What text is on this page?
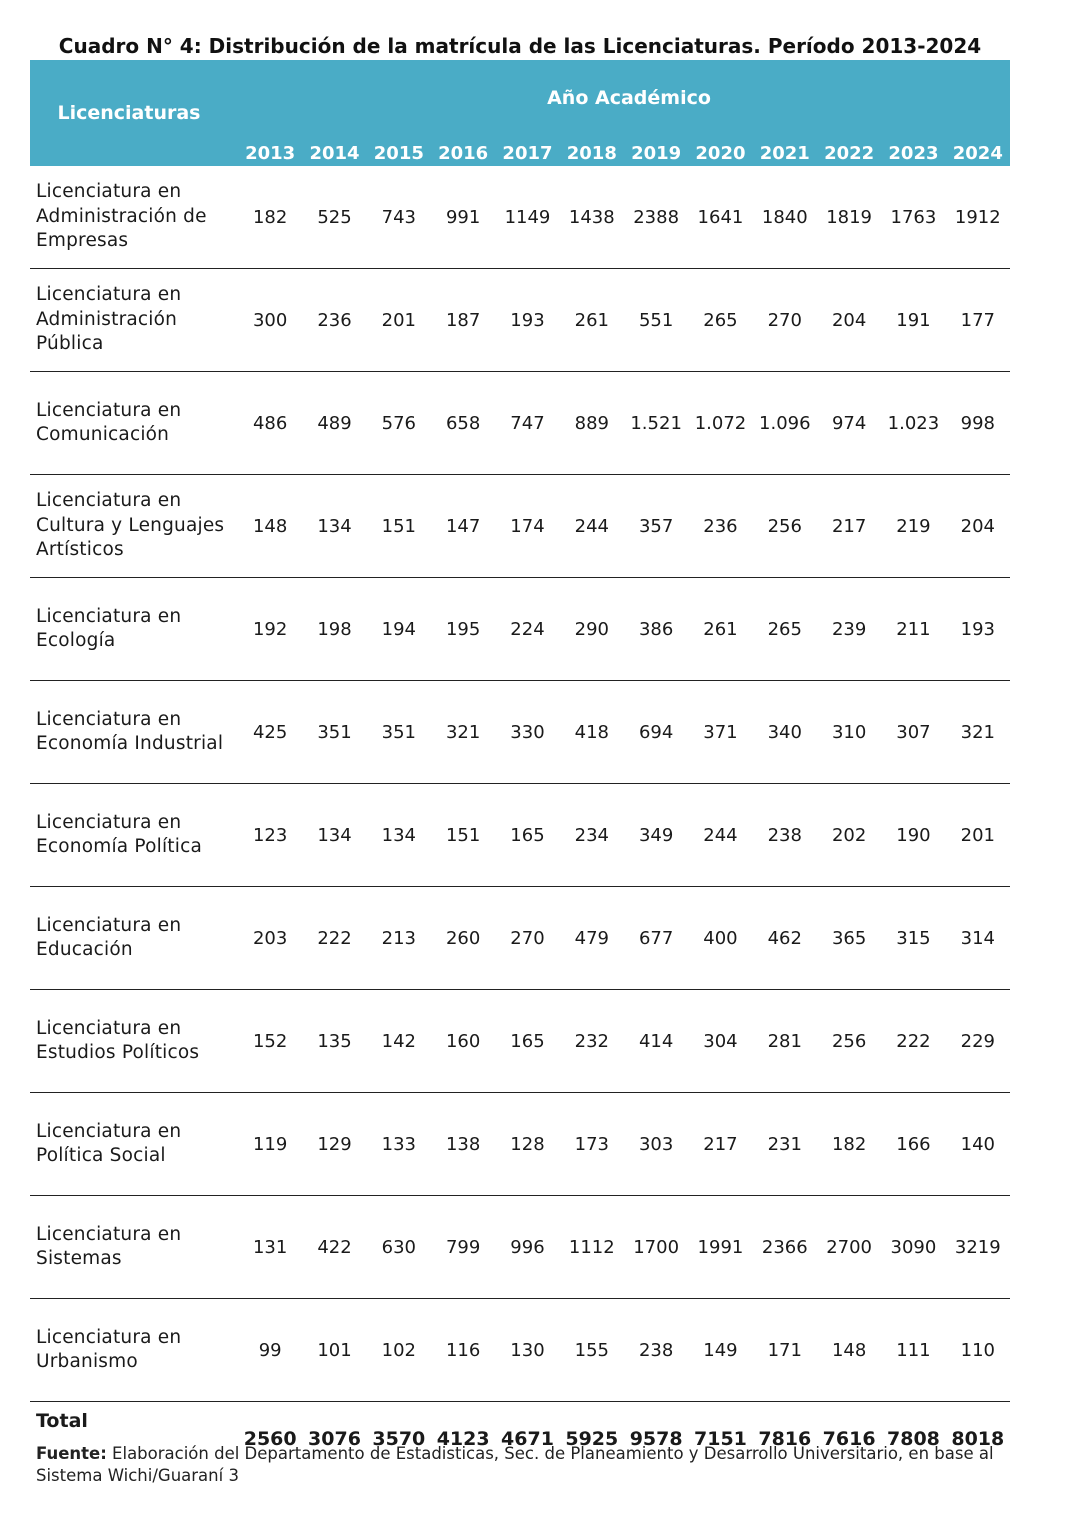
Cuadro N° 4: Distribución de la matrícula de las Licenciaturas. Período 2013-2024
Licenciaturas	Año Académico											
	2013	2014	2015	2016	2017	2018	2019	2020	2021	2022	2023	2024
Licenciatura en Administración de Empresas	182	525	743	991	1149	1438	2388	1641	1840	1819	1763	1912
Licenciatura en Administración Pública	300	236	201	187	193	261	551	265	270	204	191	177
Licenciatura en Comunicación	486	489	576	658	747	889	1.521	1.072	1.096	974	1.023	998
Licenciatura en Cultura y Lenguajes Artísticos	148	134	151	147	174	244	357	236	256	217	219	204
Licenciatura en Ecología	192	198	194	195	224	290	386	261	265	239	211	193
Licenciatura en Economía Industrial	425	351	351	321	330	418	694	371	340	310	307	321
Licenciatura en Economía Política	123	134	134	151	165	234	349	244	238	202	190	201
Licenciatura en Educación	203	222	213	260	270	479	677	400	462	365	315	314
Licenciatura en Estudios Políticos	152	135	142	160	165	232	414	304	281	256	222	229
Licenciatura en Política Social	119	129	133	138	128	173	303	217	231	182	166	140
Licenciatura en Sistemas	131	422	630	799	996	1112	1700	1991	2366	2700	3090	3219
Licenciatura en Urbanismo	99	101	102	116	130	155	238	149	171	148	111	110
Total	2560	3076	3570	4123	4671	5925	9578	7151	7816	7616	7808	8018
Fuente: Elaboración del Departamento de Estadisticas, Sec. de Planeamiento y Desarrollo Universitario, en base al Sistema Wichi/Guaraní 3
